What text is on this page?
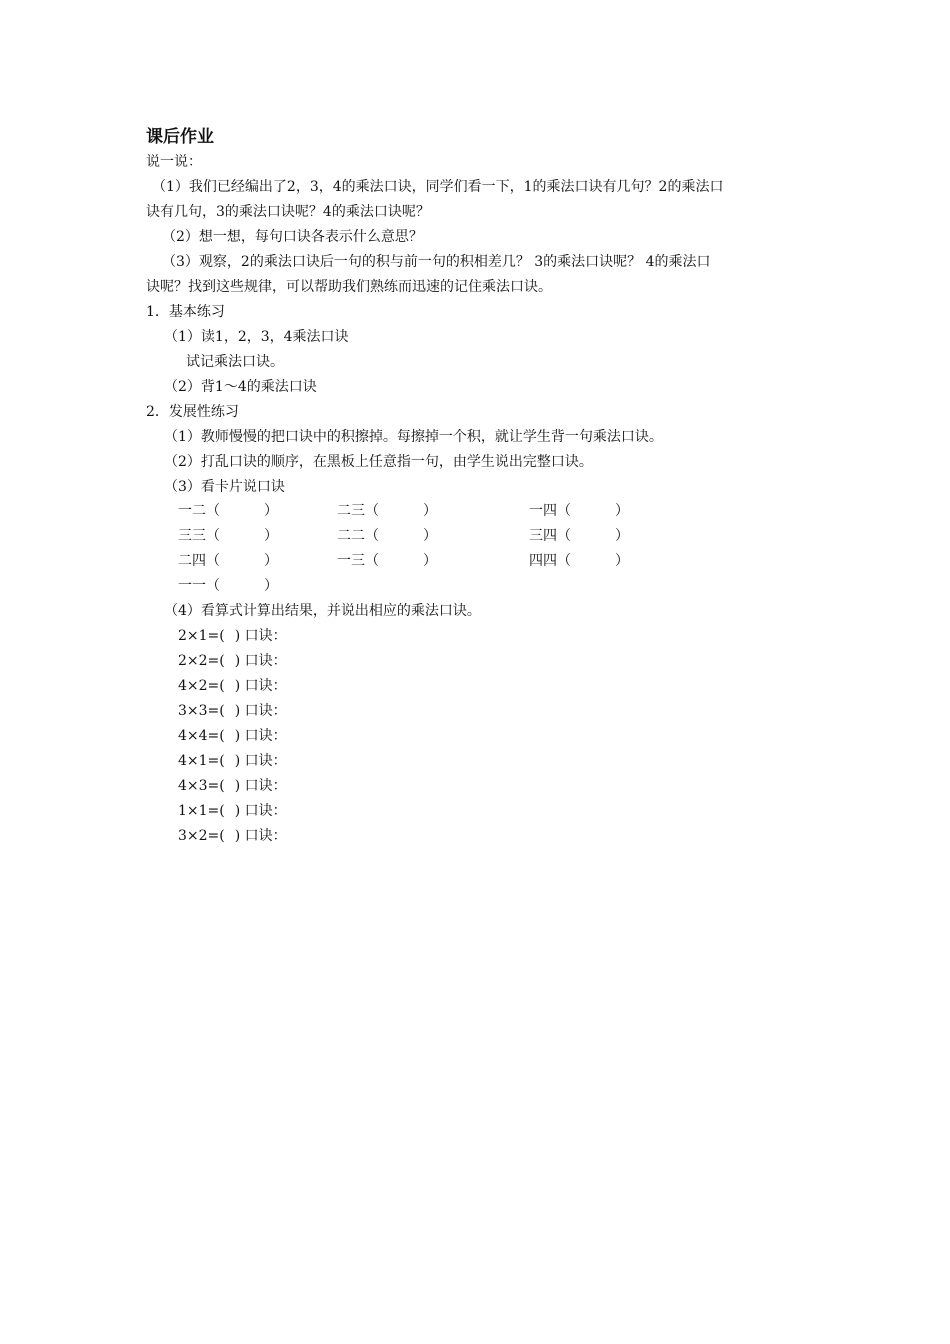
课后作业
说一说：
（1）我们已经编出了2，3，4的乘法口诀，同学们看一下，1的乘法口诀有几句？2的乘法口
诀有几句，3的乘法口诀呢？4的乘法口诀呢？
（2）想一想，每句口诀各表示什么意思？
（3）观察，2的乘法口诀后一句的积与前一句的积相差几？ 3的乘法口诀呢？ 4的乘法口
诀呢？找到这些规律，可以帮助我们熟练而迅速的记住乘法口诀。
1．基本练习
（1）读1，2，3，4乘法口诀
试记乘法口诀。
（2）背1～4的乘法口诀
2．发展性练习
（1）教师慢慢的把口诀中的积擦掉。每擦掉一个积，就让学生背一句乘法口诀。
（2）打乱口诀的顺序，在黑板上任意指一句，由学生说出完整口诀。
（3）看卡片说口诀
一二（	）	二三（	）	一四（	）
三三（	）	二二（	）	三四（	）
二四（	）	一三（	）	四四（	）
一一（	）
（4）看算式计算出结果，并说出相应的乘法口诀。
2×1=( ) 口诀：
2×2=( ) 口诀：
4×2=( ) 口诀：
3×3=( ) 口诀：
4×4=( ) 口诀：
4×1=( ) 口诀：
4×3=( ) 口诀：
1×1=( ) 口诀：
3×2=( ) 口诀：
